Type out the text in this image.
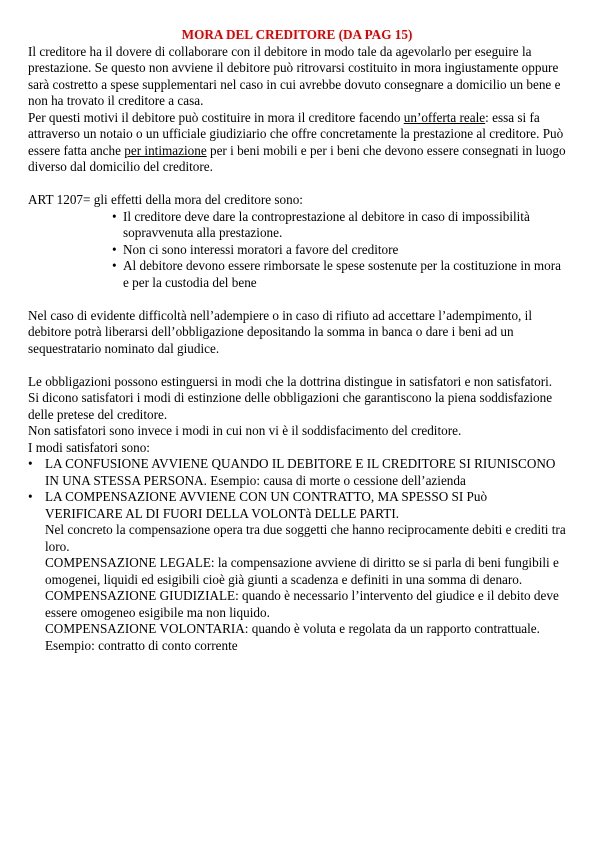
MORA DEL CREDITORE (DA PAG 15)

Il creditore ha il dovere di collaborare con il debitore in modo tale da agevolarlo per eseguire la prestazione. Se questo non avviene il debitore può ritrovarsi costituito in mora ingiustamente oppure sarà costretto a spese supplementari nel caso in cui avrebbe dovuto consegnare a domicilio un bene e non ha trovato il creditore a casa.

Per questi motivi il debitore può costituire in mora il creditore facendo un’offerta reale: essa si fa attraverso un notaio o un ufficiale giudiziario che offre concretamente la prestazione al creditore. Può essere fatta anche per intimazione per i beni mobili e per i beni che devono essere consegnati in luogo diverso dal domicilio del creditore.

ART 1207= gli effetti della mora del creditore sono:

• Il creditore deve dare la controprestazione al debitore in caso di impossibilità sopravvenuta alla prestazione.
• Non ci sono interessi moratori a favore del creditore
• Al debitore devono essere rimborsate le spese sostenute per la costituzione in mora e per la custodia del bene

Nel caso di evidente difficoltà nell’adempiere o in caso di rifiuto ad accettare l’adempimento, il debitore potrà liberarsi dell’obbligazione depositando la somma in banca o dare i beni ad un sequestratario nominato dal giudice.

Le obbligazioni possono estinguersi in modi che la dottrina distingue in satisfatori e non satisfatori.

Si dicono satisfatori i modi di estinzione delle obbligazioni che garantiscono la piena soddisfazione delle pretese del creditore.

Non satisfatori sono invece i modi in cui non vi è il soddisfacimento del creditore.

I modi satisfatori sono:

• LA CONFUSIONE AVVIENE QUANDO IL DEBITORE E IL CREDITORE SI RIUNISCONO IN UNA STESSA PERSONA. Esempio: causa di morte o cessione dell’azienda
• LA COMPENSAZIONE AVVIENE CON UN CONTRATTO, MA SPESSO SI Può VERIFICARE AL DI FUORI DELLA VOLONTà DELLE PARTI.
Nel concreto la compensazione opera tra due soggetti che hanno reciprocamente debiti e crediti tra loro.
COMPENSAZIONE LEGALE: la compensazione avviene di diritto se si parla di beni fungibili e omogenei, liquidi ed esigibili cioè già giunti a scadenza e definiti in una somma di denaro.
COMPENSAZIONE GIUDIZIALE: quando è necessario l’intervento del giudice e il debito deve essere omogeneo esigibile ma non liquido.
COMPENSAZIONE VOLONTARIA: quando è voluta e regolata da un rapporto contrattuale. Esempio: contratto di conto corrente
